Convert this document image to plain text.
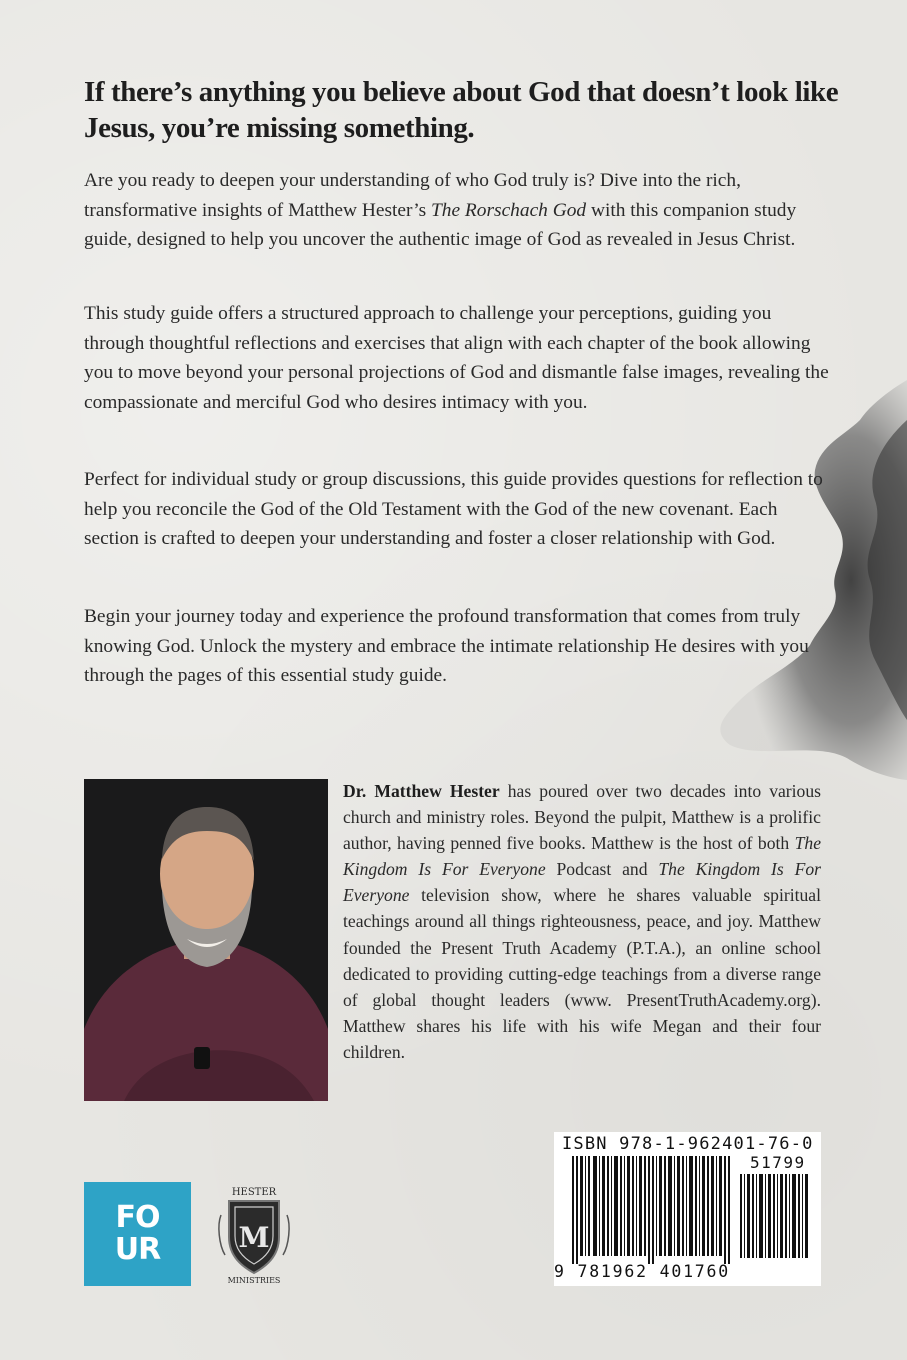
If there’s anything you believe about God that doesn’t look like Jesus, you’re missing something.

Are you ready to deepen your understanding of who God truly is? Dive into the rich, transformative insights of Matthew Hester’s The Rorschach God with this companion study guide, designed to help you uncover the authentic image of God as revealed in Jesus Christ.

This study guide offers a structured approach to challenge your perceptions, guiding you through thoughtful reflections and exercises that align with each chapter of the book allowing you to move beyond your personal projections of God and dismantle false images, revealing the compassionate and merciful God who desires intimacy with you.

Perfect for individual study or group discussions, this guide provides questions for reflection to help you reconcile the God of the Old Testament with the God of the new covenant. Each section is crafted to deepen your understanding and foster a closer relationship with God.

Begin your journey today and experience the profound transformation that comes from truly knowing God. Unlock the mystery and embrace the intimate relationship He desires with you through the pages of this essential study guide.

Dr. Matthew Hester has poured over two decades into various church and ministry roles. Beyond the pulpit, Matthew is a prolific author, having penned five books. Matthew is the host of both The Kingdom Is For Everyone Podcast and The Kingdom Is For Everyone television show, where he shares valuable spiritual teachings around all things righteousness, peace, and joy. Matthew founded the Present Truth Academy (P.T.A.), an online school dedicated to providing cutting-edge teachings from a diverse range of global thought leaders (www. PresentTruthAcademy.org). Matthew shares his life with his wife Megan and their four children.

FO
UR
HESTER
M
MINISTRIES
ISBN 978-1-962401-76-0
51799
9 781962 401760
